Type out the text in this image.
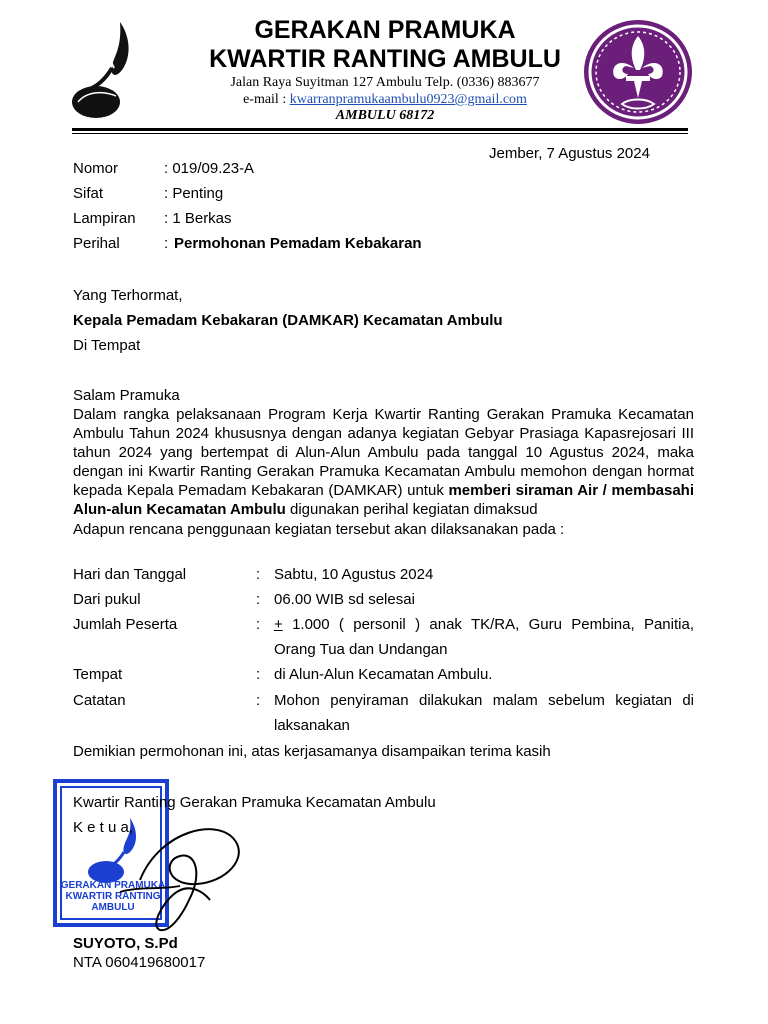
GERAKAN PRAMUKA
KWARTIR RANTING AMBULU
Jalan Raya Suyitman 127 Ambulu Telp. (0336) 883677
e-mail : kwarranpramukaambulu0923@gmail.com
AMBULU 68172
Jember, 7 Agustus 2024
Nomor	: 019/09.23-A
Sifat	: Penting
Lampiran : 1 Berkas
Perihal	: Permohonan Pemadam Kebakaran
Yang Terhormat,
Kepala Pemadam Kebakaran (DAMKAR) Kecamatan Ambulu
Di Tempat
Salam Pramuka
Dalam rangka pelaksanaan Program Kerja Kwartir Ranting Gerakan Pramuka Kecamatan Ambulu Tahun 2024 khususnya dengan adanya kegiatan Gebyar Prasiaga Kapasrejosari III tahun 2024 yang bertempat di Alun-Alun Ambulu pada tanggal 10 Agustus 2024, maka dengan ini Kwartir Ranting Gerakan Pramuka Kecamatan Ambulu memohon dengan hormat kepada Kepala Pemadam Kebakaran (DAMKAR) untuk memberi siraman Air / membasahi Alun-alun Kecamatan Ambulu digunakan perihal kegiatan dimaksud
Adapun rencana penggunaan kegiatan tersebut akan dilaksanakan pada :
Hari dan Tanggal	: Sabtu, 10 Agustus 2024
Dari pukul	: 06.00 WIB sd selesai
Jumlah Peserta	: + 1.000 ( personil ) anak TK/RA, Guru Pembina, Panitia,
Orang Tua dan Undangan
Tempat	: di Alun-Alun Kecamatan Ambulu.
Catatan	: Mohon penyiraman dilakukan malam sebelum kegiatan di
laksanakan
Demikian permohonan ini, atas kerjasamanya disampaikan terima kasih
GERAKAN PRAMUKA
KWARTIR RANTING
AMBULU
Kwartir Ranting Gerakan Pramuka Kecamatan Ambulu
K e t u a,
SUYOTO, S.Pd
NTA 060419680017
